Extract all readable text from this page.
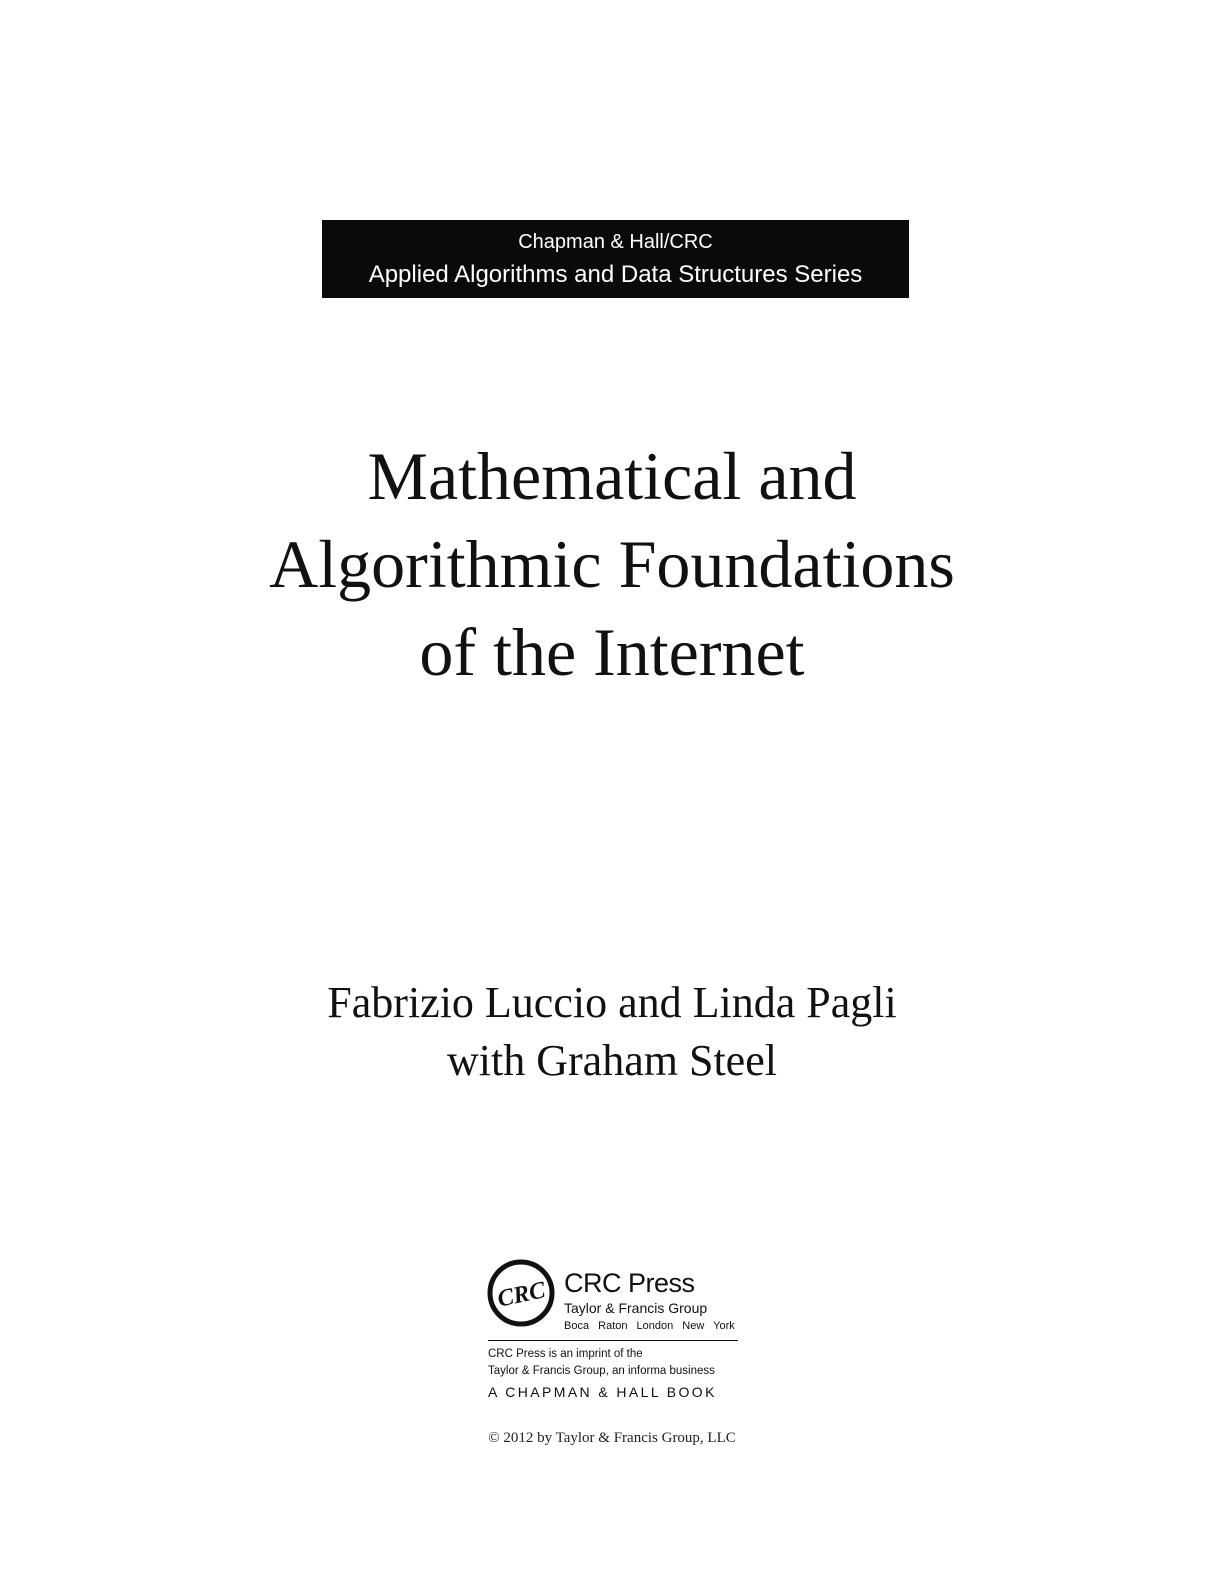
Chapman & Hall/CRC
Applied Algorithms and Data Structures Series
Mathematical and
Algorithmic Foundations
of the Internet
Fabrizio Luccio and Linda Pagli
with Graham Steel
CRC CRC Press
Taylor & Francis Group
Boca Raton London New York
CRC Press is an imprint of the
Taylor & Francis Group, an informa business
A CHAPMAN & HALL BOOK
© 2012 by Taylor & Francis Group, LLC
